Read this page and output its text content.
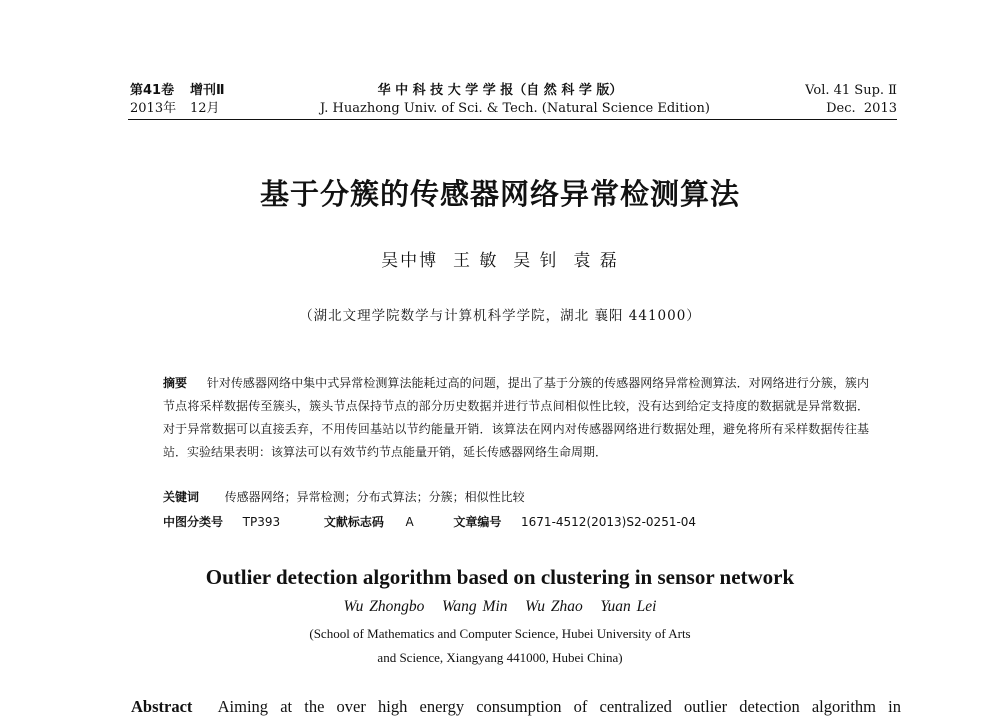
第41卷 增刊Ⅱ
2013年 12月
华 中 科 技 大 学 学 报（自 然 科 学 版）
J. Huazhong Univ. of Sci. & Tech. (Natural Science Edition)
Vol. 41 Sup. Ⅱ
Dec.  2013
基于分簇的传感器网络异常检测算法
吴中博  王 敏  吴 钊  袁 磊
（湖北文理学院数学与计算机科学学院，湖北 襄阳 441000）
摘要 针对传感器网络中集中式异常检测算法能耗过高的问题，提出了基于分簇的传感器网络异常检测算法．对网络进行分簇，簇内节点将采样数据传至簇头，簇头节点保持节点的部分历史数据并进行节点间相似性比较，没有达到给定支持度的数据就是异常数据．对于异常数据可以直接丢弃，不用传回基站以节约能量开销．该算法在网内对传感器网络进行数据处理，避免将所有采样数据传往基站．实验结果表明：该算法可以有效节约节点能量开销，延长传感器网络生命周期．
关键词 传感器网络；异常检测；分布式算法；分簇；相似性比较
中图分类号 TP393	文献标志码 A	文章编号 1671-4512(2013)S2-0251-04
Outlier detection algorithm based on clustering in sensor network
Wu Zhongbo   Wang Min   Wu Zhao   Yuan Lei
(School of Mathematics and Computer Science, Hubei University of Arts
and Science, Xiangyang 441000, Hubei China)
Abstract Aiming at the over high energy consumption of centralized outlier detection algorithm in
